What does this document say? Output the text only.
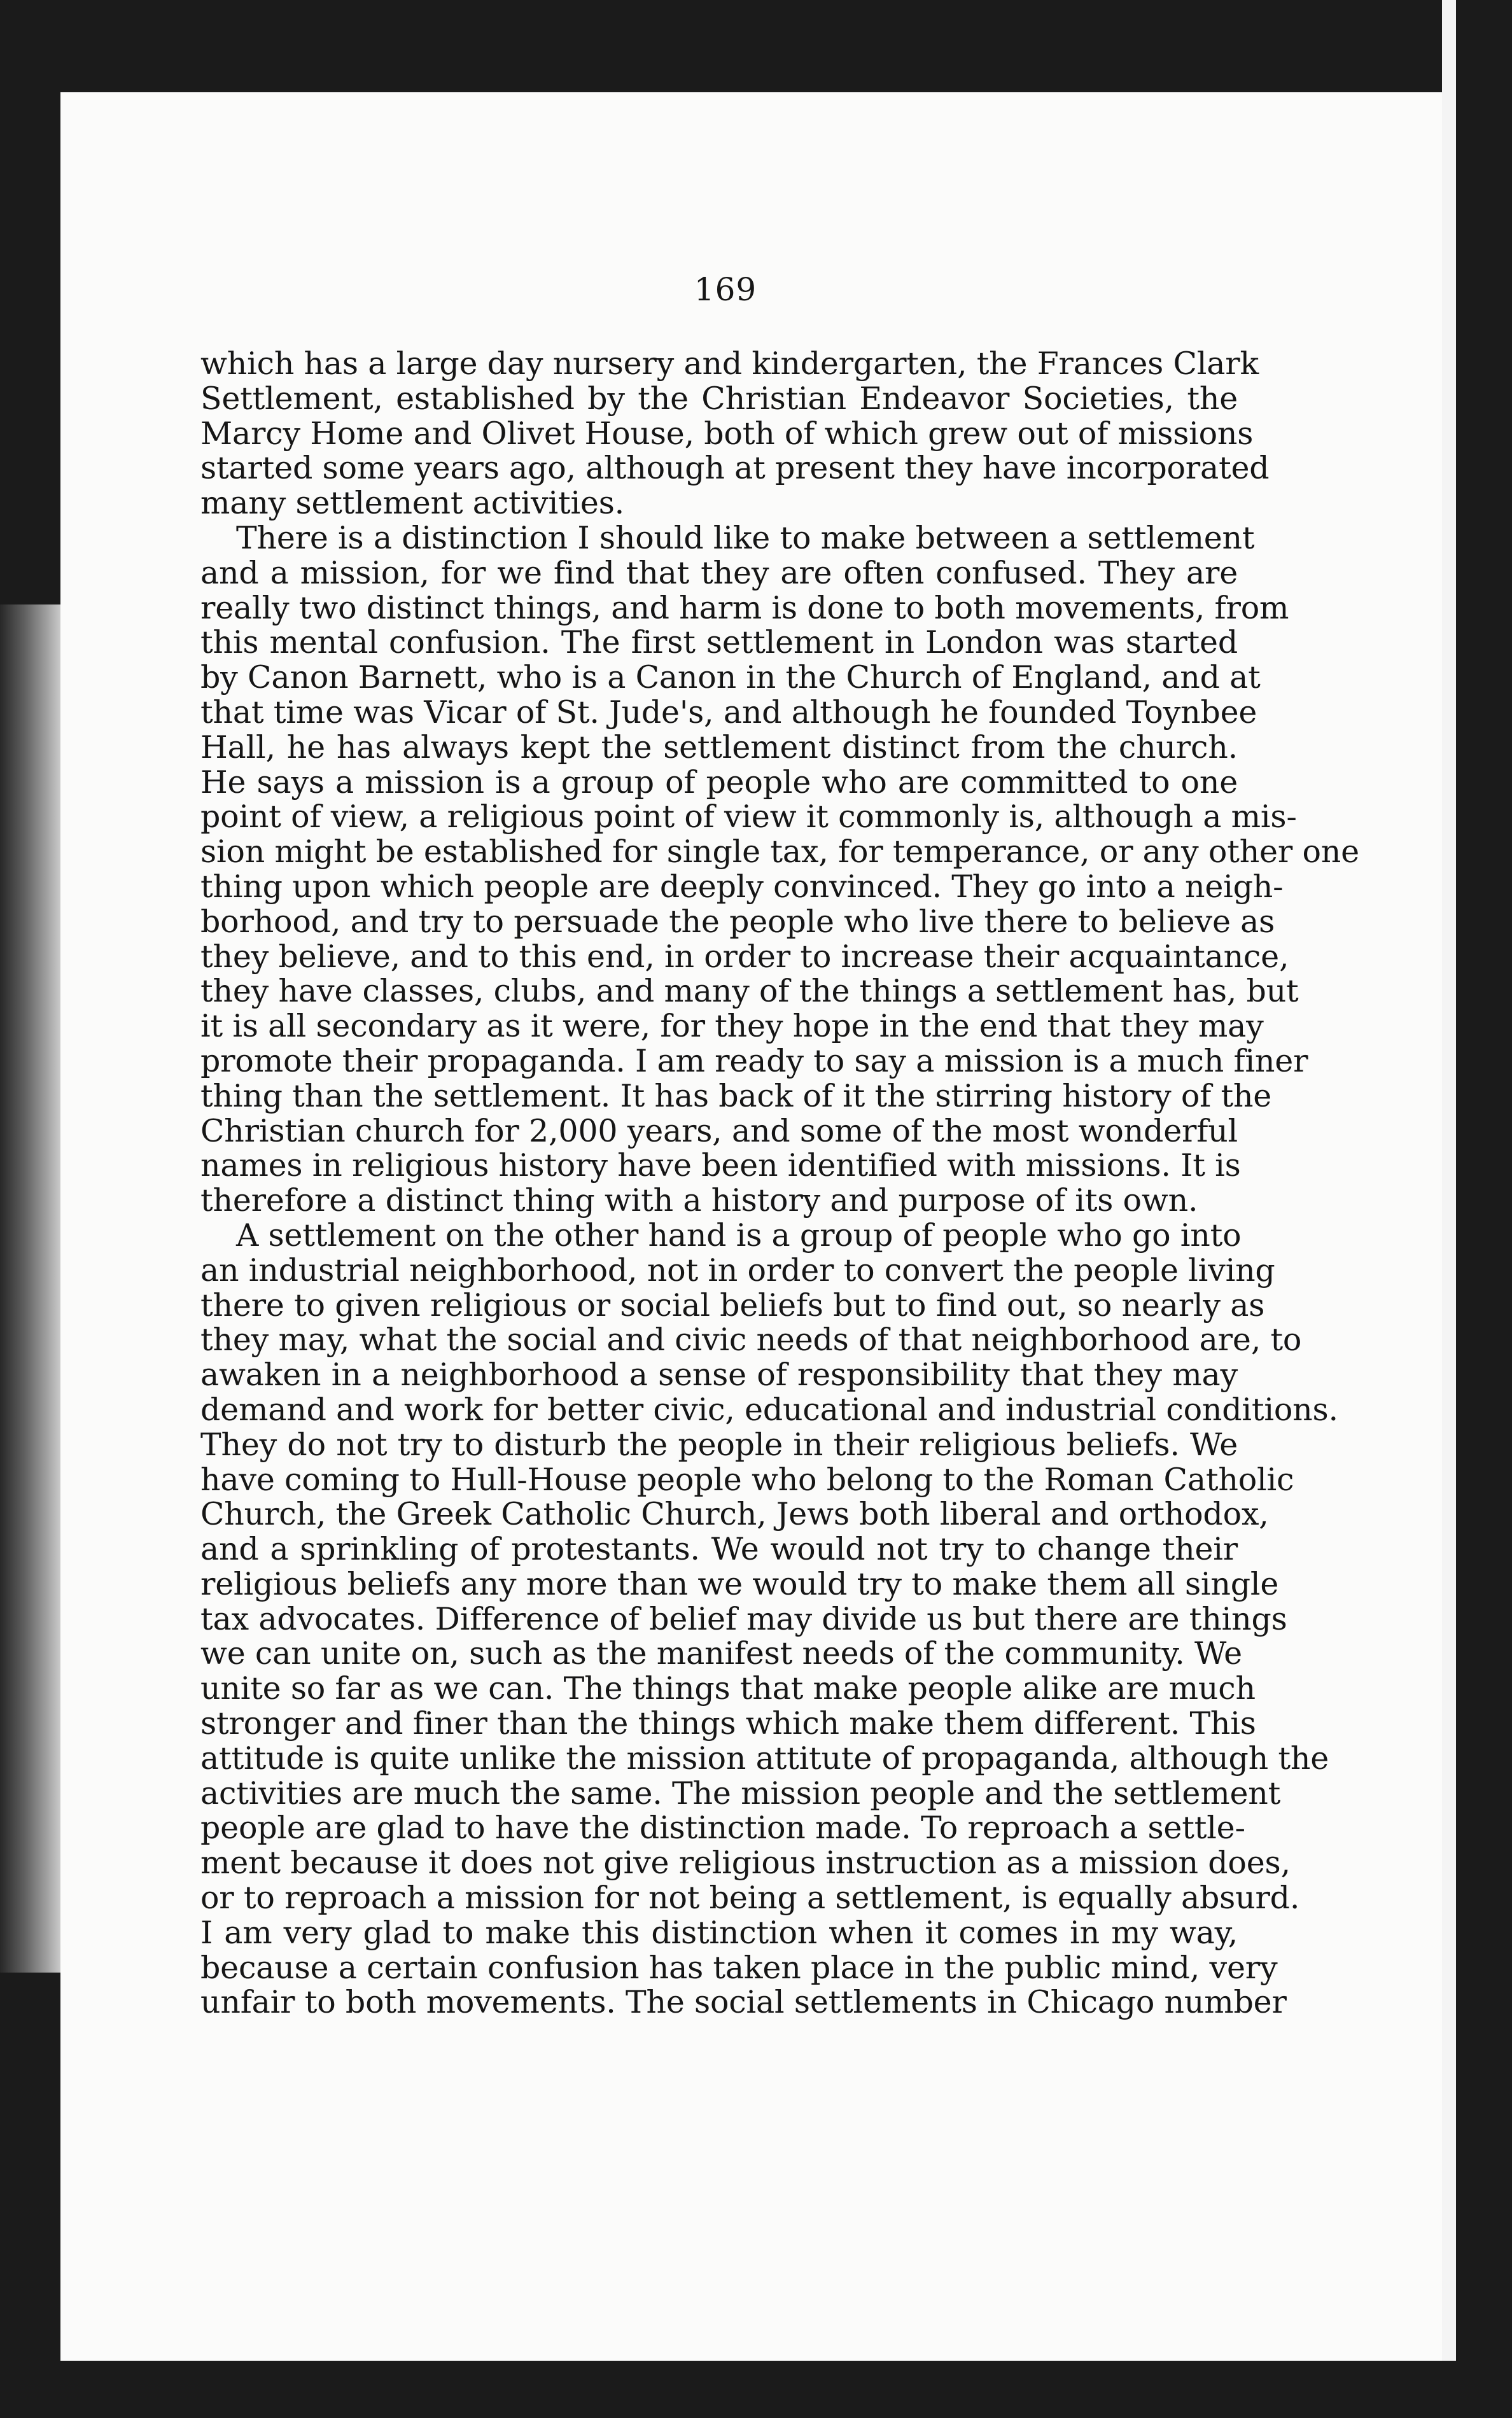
169
which has a large day nursery and kindergarten, the Frances Clark
Settlement, established by the Christian Endeavor Societies, the
Marcy Home and Olivet House, both of which grew out of missions
started some years ago, although at present they have incorporated
many settlement activities.
There is a distinction I should like to make between a settlement
and a mission, for we find that they are often confused. They are
really two distinct things, and harm is done to both movements, from
this mental confusion. The first settlement in London was started
by Canon Barnett, who is a Canon in the Church of England, and at
that time was Vicar of St. Jude's, and although he founded Toynbee
Hall, he has always kept the settlement distinct from the church.
He says a mission is a group of people who are committed to one
point of view, a religious point of view it commonly is, although a mis-
sion might be established for single tax, for temperance, or any other one
thing upon which people are deeply convinced. They go into a neigh-
borhood, and try to persuade the people who live there to believe as
they believe, and to this end, in order to increase their acquaintance,
they have classes, clubs, and many of the things a settlement has, but
it is all secondary as it were, for they hope in the end that they may
promote their propaganda. I am ready to say a mission is a much finer
thing than the settlement. It has back of it the stirring history of the
Christian church for 2,000 years, and some of the most wonderful
names in religious history have been identified with missions. It is
therefore a distinct thing with a history and purpose of its own.
A settlement on the other hand is a group of people who go into
an industrial neighborhood, not in order to convert the people living
there to given religious or social beliefs but to find out, so nearly as
they may, what the social and civic needs of that neighborhood are, to
awaken in a neighborhood a sense of responsibility that they may
demand and work for better civic, educational and industrial conditions.
They do not try to disturb the people in their religious beliefs. We
have coming to Hull-House people who belong to the Roman Catholic
Church, the Greek Catholic Church, Jews both liberal and orthodox,
and a sprinkling of protestants. We would not try to change their
religious beliefs any more than we would try to make them all single
tax advocates. Difference of belief may divide us but there are things
we can unite on, such as the manifest needs of the community. We
unite so far as we can. The things that make people alike are much
stronger and finer than the things which make them different. This
attitude is quite unlike the mission attitute of propaganda, although the
activities are much the same. The mission people and the settlement
people are glad to have the distinction made. To reproach a settle-
ment because it does not give religious instruction as a mission does,
or to reproach a mission for not being a settlement, is equally absurd.
I am very glad to make this distinction when it comes in my way,
because a certain confusion has taken place in the public mind, very
unfair to both movements. The social settlements in Chicago number
